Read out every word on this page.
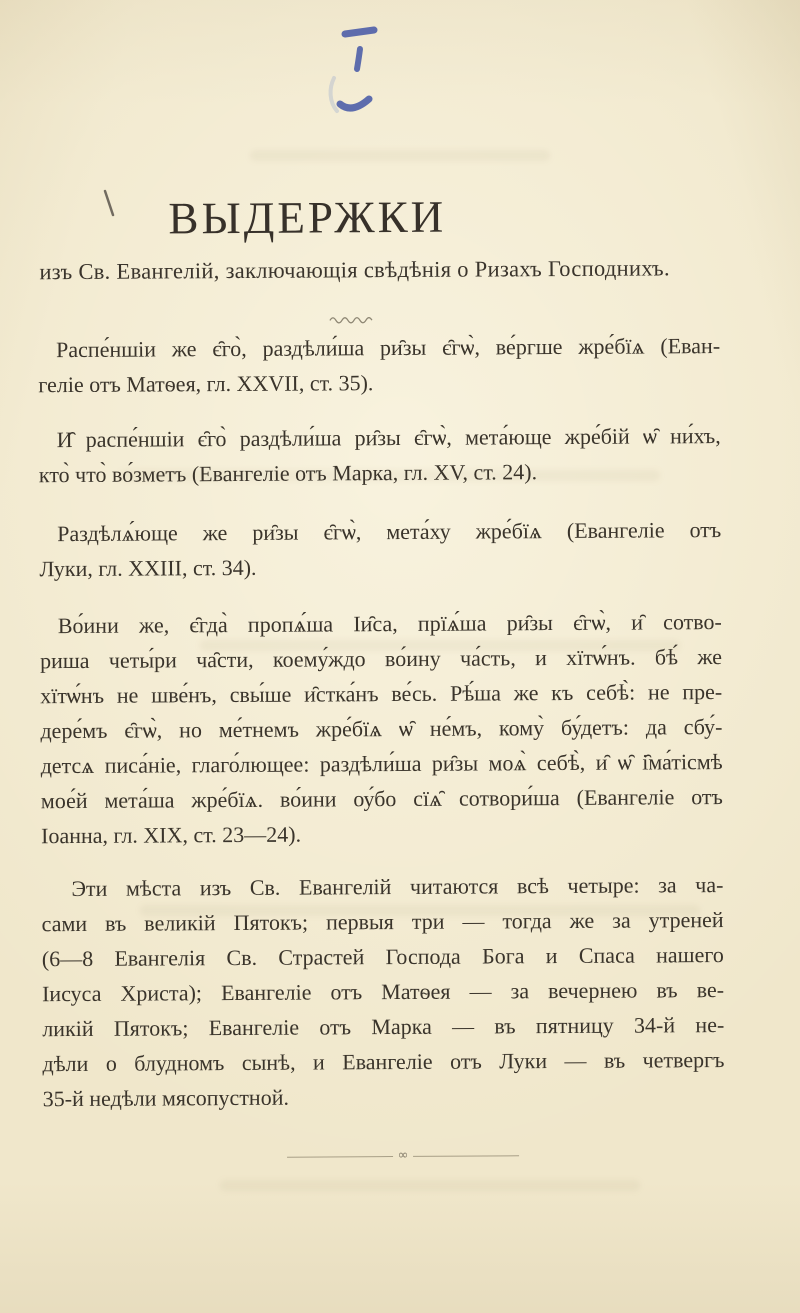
ВЫДЕРЖКИ
изъ Св. Евангелій, заключающія свѣдѣнія о Ризахъ Господнихъ.
Распе́ншіи же є̑го̀, раздѣли́ша ри̑зы є̑гѡ̀, ве́ргше жре́бїѧ (Еван-
геліе отъ Матѳея, гл. XXVII, ст. 35).
И̑ распе́ншіи є̑го̀ раздѣли́ша ри̑зы є̑гѡ̀, мета́юще жре́бій ѡ̑ ни́хъ,
кто̀ что̀ во́зметъ (Евангеліе отъ Марка, гл. XV, ст. 24).
Раздѣлѧ́юще же ри̑зы є̑гѡ̀, мета́ху жре́бїѧ (Евангеліе отъ
Луки, гл. XXIII, ст. 34).
Во́ини же, є̑гда̀ пропѧ́ша Іи̑са, прїѧ́ша ри̑зы є̑гѡ̀, и̑ сотво-
риша четы́ри ча̑сти, коему́ждо во́ину ча́сть, и хїтѡ́нъ. бѣ́ же
хїтѡ́нъ не шве́нъ, свы́ше и̑стка́нъ ве́сь. Рѣ́ша же къ себѣ̀: не пре-
дере́мъ є̑гѡ̀, но ме́тнемъ жре́бїѧ ѡ̑ не́мъ, кому̀ бу́детъ: да сбу́-
детсѧ писа́ніе, глаго́лющее: раздѣли́ша ри̑зы моѧ̀ себѣ̀, и̑ ѡ̑ і̑ма́тісмѣ
мое́й мета́ша жре́бїѧ. во́ини оу́бо сїѧ̑ сотвори́ша (Евангеліе отъ
Іоанна, гл. XIX, ст. 23—24).
Эти мѣста изъ Св. Евангелій читаются всѣ четыре: за ча-
сами въ великій Пятокъ; первыя три — тогда же за утреней
(6—8 Евангелія Св. Страстей Господа Бога и Спаса нашего
Іисуса Христа); Евангеліе отъ Матѳея — за вечернею въ ве-
ликій Пятокъ; Евангеліе отъ Марка — въ пятницу 34-й не-
дѣли о блудномъ сынѣ, и Евангеліе отъ Луки — въ четвергъ
35-й недѣли мясопустной.
∞
